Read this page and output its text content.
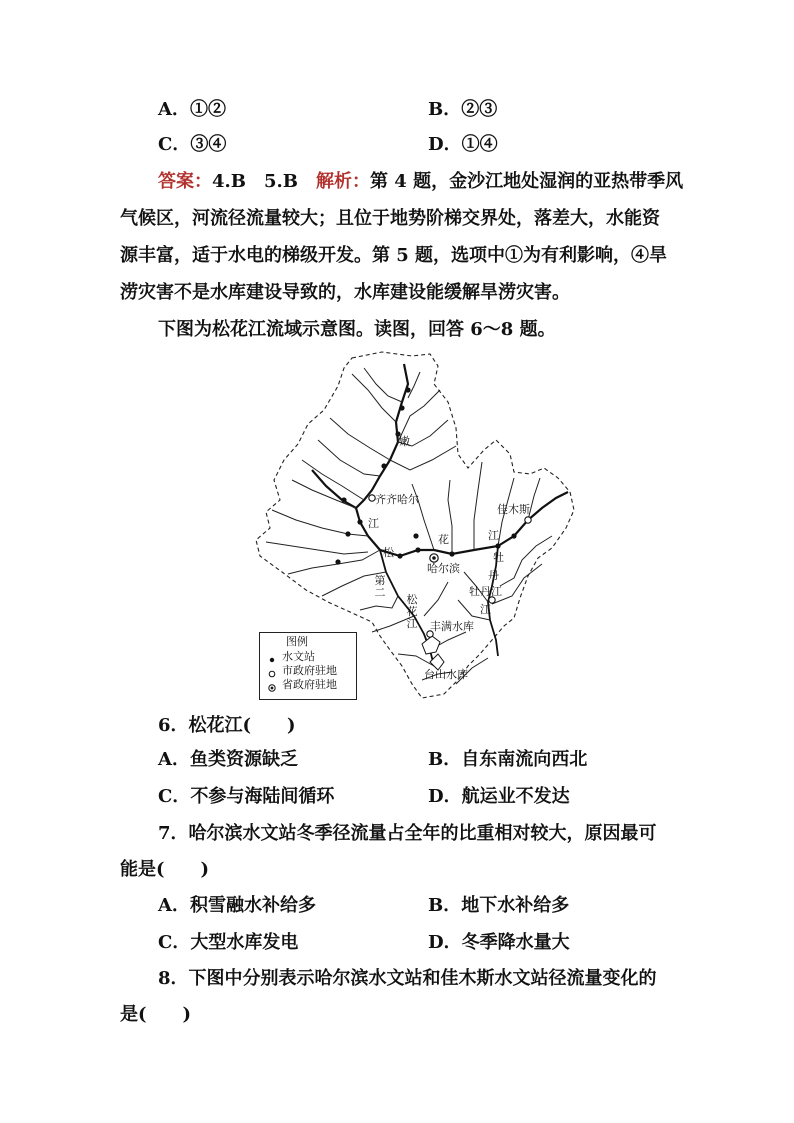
A．①②	B．②③
C．③④	D．①④
答案：4.B　5.B　 解析：第 4 题，金沙江地处湿润的亚热带季风
气候区，河流径流量较大；且位于地势阶梯交界处，落差大，水能资
源丰富，适于水电的梯级开发。第 5 题，选项中①为有利影响，④旱
涝灾害不是水库建设导致的，水库建设能缓解旱涝灾害。
下图为松花江流域示意图。读图，回答 6～8 题。
嫩
齐齐哈尔
江
佳木斯
松
花	江
哈尔滨
牡
丹
牡丹江
江
第二
松花江 丰满水库
台山水库
图例
水文站
市政府驻地
省政府驻地
6．松花江(　　)
A．鱼类资源缺乏	B．自东南流向西北
C．不参与海陆间循环	D．航运业不发达
7．哈尔滨水文站冬季径流量占全年的比重相对较大，原因最可
能是(　　)
A．积雪融水补给多	B．地下水补给多
C．大型水库发电	D．冬季降水量大
8．下图中分别表示哈尔滨水文站和佳木斯水文站径流量变化的
是(　　)
